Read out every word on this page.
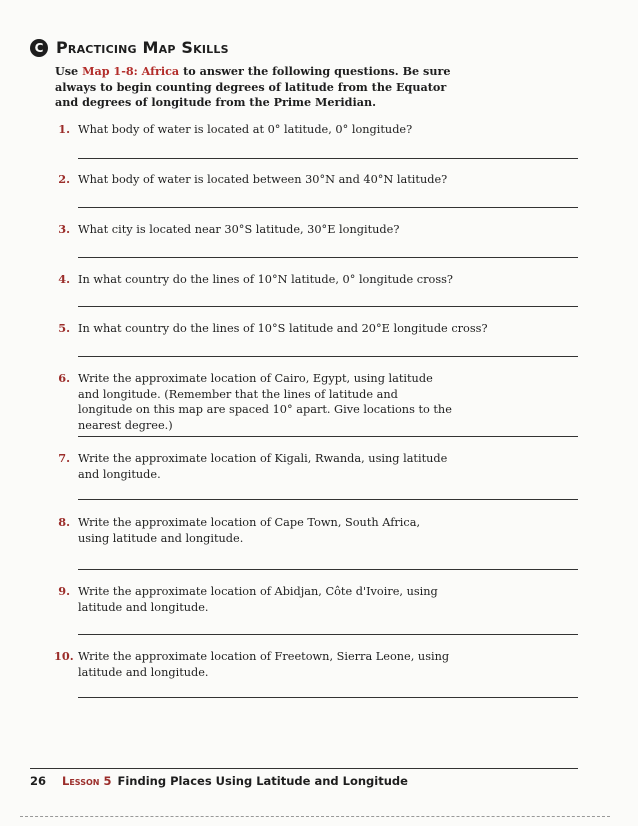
C Practicing Map Skills
Use Map 1-8: Africa to answer the following questions. Be sure always to begin counting degrees of latitude from the Equator and degrees of longitude from the Prime Meridian.
1. What body of water is located at 0° latitude, 0° longitude?
2. What body of water is located between 30°N and 40°N latitude?
3. What city is located near 30°S latitude, 30°E longitude?
4. In what country do the lines of 10°N latitude, 0° longitude cross?
5. In what country do the lines of 10°S latitude and 20°E longitude cross?
6. Write the approximate location of Cairo, Egypt, using latitude and longitude. (Remember that the lines of latitude and longitude on this map are spaced 10° apart. Give locations to the nearest degree.)
7. Write the approximate location of Kigali, Rwanda, using latitude and longitude.
8. Write the approximate location of Cape Town, South Africa, using latitude and longitude.
9. Write the approximate location of Abidjan, Côte d'Ivoire, using latitude and longitude.
10. Write the approximate location of Freetown, Sierra Leone, using latitude and longitude.
26 Lesson 5 Finding Places Using Latitude and Longitude
